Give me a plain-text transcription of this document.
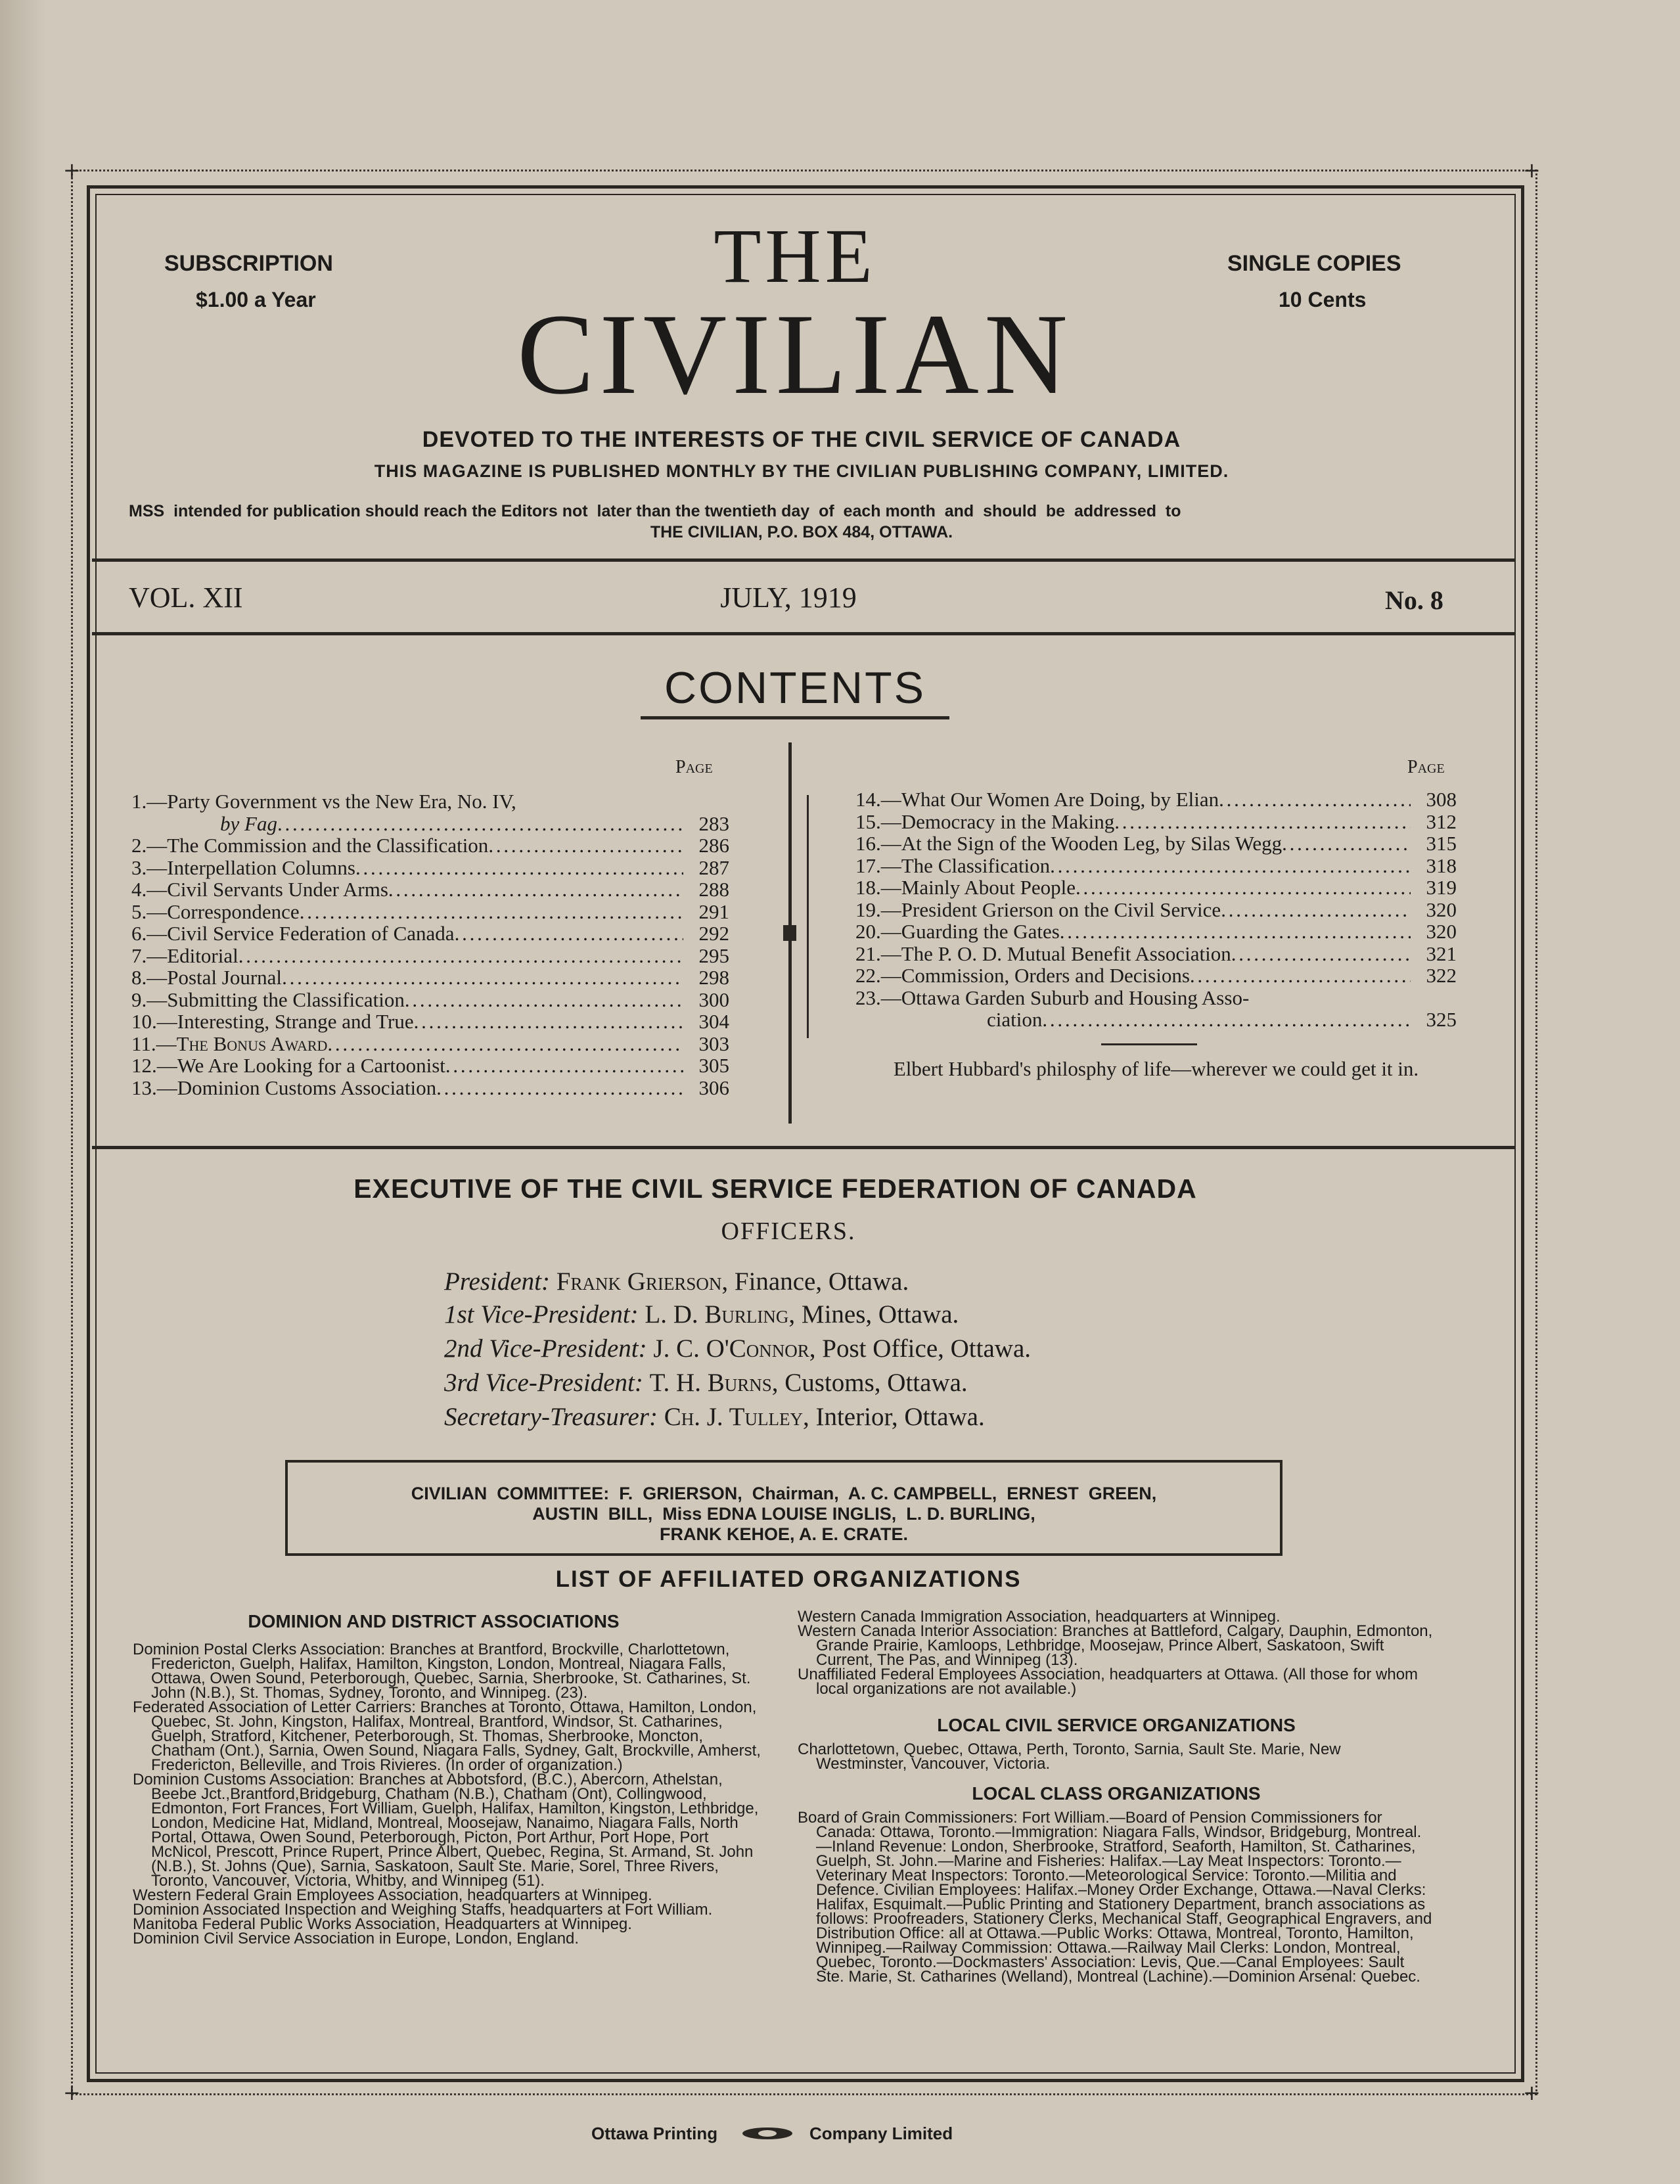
+	+
+	+
SUBSCRIPTION
$1.00 a Year
SINGLE COPIES
10 Cents
THE
CIVILIAN
DEVOTED TO THE INTERESTS OF THE CIVIL SERVICE OF CANADA
THIS MAGAZINE IS PUBLISHED MONTHLY BY THE CIVILIAN PUBLISHING COMPANY, LIMITED.
MSS  intended for publication should reach the Editors not  later than the twentieth day  of  each month  and  should  be  addressed  to
THE CIVILIAN, P.O. BOX 484, OTTAWA.
VOL. XII	JULY, 1919	No. 8
CONTENTS
Page	Page
1.—Party Government vs the New Era, No. IV,
by Fag . . .	283
2.—The Commission and the Classification . . .	286
3.—Interpellation Columns . . .	287
4.—Civil Servants Under Arms . . .	288
5.—Correspondence . . .	291
6.—Civil Service Federation of Canada . . .	292
7.—Editorial . . .	295
8.—Postal Journal . . .	298
9.—Submitting the Classification . . .	300
10.—Interesting, Strange and True . . .	304
11.—The Bonus Award . . .	303
12.—We Are Looking for a Cartoonist . . .	305
13.—Dominion Customs Association . . .	306
14.—What Our Women Are Doing, by Elian . . .	308
15.—Democracy in the Making . . .	312
16.—At the Sign of the Wooden Leg, by Silas Wegg . . .	315
17.—The Classification . . .	318
18.—Mainly About People . . .	319
19.—President Grierson on the Civil Service . . .	320
20.—Guarding the Gates . . .	320
21.—The P. O. D. Mutual Benefit Association . . .	321
22.—Commission, Orders and Decisions . . .	322
23.—Ottawa Garden Suburb and Housing Asso-
ciation . . .	325
Elbert Hubbard's philosphy of life—wherever we could get it in.
EXECUTIVE OF THE CIVIL SERVICE FEDERATION OF CANADA
OFFICERS.
President: Frank Grierson, Finance, Ottawa.
1st Vice-President: L. D. Burling, Mines, Ottawa.
2nd Vice-President: J. C. O'Connor, Post Office, Ottawa.
3rd Vice-President: T. H. Burns, Customs, Ottawa.
Secretary-Treasurer: Ch. J. Tulley, Interior, Ottawa.
CIVILIAN  COMMITTEE:  F.  GRIERSON,  Chairman,  A. C. CAMPBELL,  ERNEST  GREEN,
AUSTIN  BILL,  Miss EDNA LOUISE INGLIS,  L. D. BURLING,
FRANK KEHOE, A. E. CRATE.
LIST OF AFFILIATED ORGANIZATIONS
DOMINION AND DISTRICT ASSOCIATIONS

Dominion Postal Clerks Association: Branches at Brantford, Brockville, Charlottetown, Fredericton, Guelph, Halifax, Hamilton, Kingston, London, Montreal, Niagara Falls, Ottawa, Owen Sound, Peterborough, Quebec, Sarnia, Sherbrooke, St. Catharines, St. John (N.B.), St. Thomas, Sydney, Toronto, and Winnipeg. (23).

Federated Association of Letter Carriers: Branches at Toronto, Ottawa, Hamilton, London, Quebec, St. John, Kingston, Halifax, Montreal, Brantford, Windsor, St. Catharines, Guelph, Stratford, Kitchener, Peterborough, St. Thomas, Sherbrooke, Moncton, Chatham (Ont.), Sarnia, Owen Sound, Niagara Falls, Sydney, Galt, Brockville, Amherst, Fredericton, Belleville, and Trois Rivieres. (In order of organization.)

Dominion Customs Association: Branches at Abbotsford, (B.C.), Abercorn, Athelstan, Beebe Jct.,Brantford,Bridgeburg, Chatham (N.B.), Chatham (Ont), Collingwood, Edmonton, Fort Frances, Fort William, Guelph, Halifax, Hamilton, Kingston, Lethbridge, London, Medicine Hat, Midland, Montreal, Moosejaw, Nanaimo, Niagara Falls, North Portal, Ottawa, Owen Sound, Peterborough, Picton, Port Arthur, Port Hope, Port McNicol, Prescott, Prince Rupert, Prince Albert, Quebec, Regina, St. Armand, St. John (N.B.), St. Johns (Que), Sarnia, Saskatoon, Sault Ste. Marie, Sorel, Three Rivers, Toronto, Vancouver, Victoria, Whitby, and Winnipeg (51).

Western Federal Grain Employees Association, headquarters at Winnipeg.

Dominion Associated Inspection and Weighing Staffs, headquarters at Fort William.

Manitoba Federal Public Works Association, Headquarters at Winnipeg.

Dominion Civil Service Association in Europe, London, England.

Western Canada Immigration Association, headquarters at Winnipeg.

Western Canada Interior Association: Branches at Battleford, Calgary, Dauphin, Edmonton, Grande Prairie, Kamloops, Lethbridge, Moosejaw, Prince Albert, Saskatoon, Swift Current, The Pas, and Winnipeg (13).

Unaffiliated Federal Employees Association, headquarters at Ottawa. (All those for whom local organizations are not available.)

LOCAL CIVIL SERVICE ORGANIZATIONS

Charlottetown, Quebec, Ottawa, Perth, Toronto, Sarnia, Sault Ste. Marie, New Westminster, Vancouver, Victoria.

LOCAL CLASS ORGANIZATIONS

Board of Grain Commissioners: Fort William.—Board of Pension Commissioners for Canada: Ottawa, Toronto.—Immigration: Niagara Falls, Windsor, Bridgeburg, Montreal.—Inland Revenue: London, Sherbrooke, Stratford, Seaforth, Hamilton, St. Catharines, Guelph, St. John.—Marine and Fisheries: Halifax.—Lay Meat Inspectors: Toronto.—Veterinary Meat Inspectors: Toronto.—Meteorological Service: Toronto.—Militia and Defence. Civilian Employees: Halifax.–Money Order Exchange, Ottawa.—Naval Clerks: Halifax, Esquimalt.—Public Printing and Stationery Department, branch associations as follows: Proofreaders, Stationery Clerks, Mechanical Staff, Geographical Engravers, and Distribution Office: all at Ottawa.—Public Works: Ottawa, Montreal, Toronto, Hamilton, Winnipeg.—Railway Commission: Ottawa.—Railway Mail Clerks: London, Montreal, Quebec, Toronto.—Dockmasters' Association: Levis, Que.—Canal Employees: Sault Ste. Marie, St. Catharines (Welland), Montreal (Lachine).—Dominion Arsenal: Quebec.

Ottawa Printing	Company Limited
